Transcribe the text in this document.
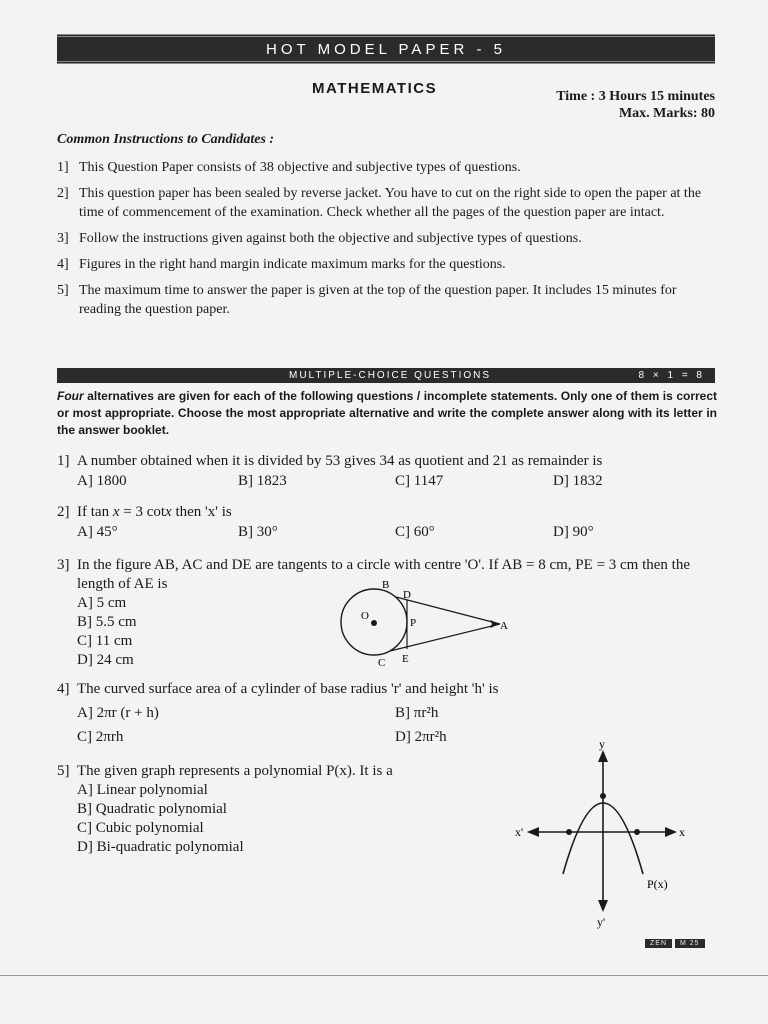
HOT MODEL PAPER - 5
MATHEMATICS	Time : 3 Hours 15 minutes
Max. Marks: 80
Common Instructions to Candidates :
1] This Question Paper consists of 38 objective and subjective types of questions.
2] This question paper has been sealed by reverse jacket. You have to cut on the right side to open the paper at the time of commencement of the examination. Check whether all the pages of the question paper are intact.
3] Follow the instructions given against both the objective and subjective types of questions.
4] Figures in the right hand margin indicate maximum marks for the questions.
5] The maximum time to answer the paper is given at the top of the question paper. It includes 15 minutes for reading the question paper.
MULTIPLE-CHOICE QUESTIONS	8 × 1 = 8
Four alternatives are given for each of the following questions / incomplete statements. Only one of them is correct or most appropriate. Choose the most appropriate alternative and write the complete answer along with its letter in the answer booklet.
1] A number obtained when it is divided by 53 gives 34 as quotient and 21 as remainder is
A] 1800	B] 1823	C] 1147	D] 1832
2] If tan x = 3 cotx then 'x' is
A] 45°	B] 30°	C] 60°	D] 90°
3] In the figure AB, AC and DE are tangents to a circle with centre 'O'. If AB = 8 cm, PE = 3 cm then the length of AE is
A] 5 cm
B] 5.5 cm
C] 11 cm
D] 24 cm
B
D
O
P	A
C E
4] The curved surface area of a cylinder of base radius 'r' and height 'h' is
A] 2πr (r + h)	B] πr²h
C] 2πrh	D] 2πr²h
5] The given graph represents a polynomial P(x). It is a
A] Linear polynomial
B] Quadratic polynomial
C] Cubic polynomial
D] Bi-quadratic polynomial
y
y'
x
x'
P(x)
ZEN	M 25
